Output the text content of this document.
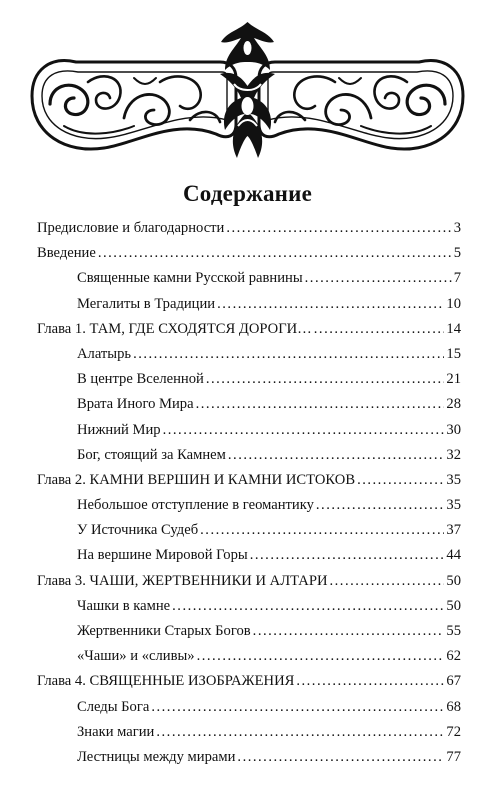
Содержание
Предисловие и благодарности .....	3
Введение .....	5
Священные камни Русской равнины .....	7
Мегалиты в Традиции .....	10
Глава 1. ТАМ, ГДЕ СХОДЯТСЯ ДОРОГИ… .....	14
Алатырь .....	15
В центре Вселенной .....	21
Врата Иного Мира .....	28
Нижний Мир .....	30
Бог, стоящий за Камнем .....	32
Глава 2. КАМНИ ВЕРШИН И КАМНИ ИСТОКОВ .....	35
Небольшое отступление в геомантику .....	35
У Источника Судеб .....	37
На вершине Мировой Горы .....	44
Глава 3. ЧАШИ, ЖЕРТВЕННИКИ И АЛТАРИ .....	50
Чашки в камне .....	50
Жертвенники Старых Богов .....	55
«Чаши» и «сливы» .....	62
Глава 4. СВЯЩЕННЫЕ ИЗОБРАЖЕНИЯ .....	67
Следы Бога .....	68
Знаки магии .....	72
Лестницы между мирами .....	77
